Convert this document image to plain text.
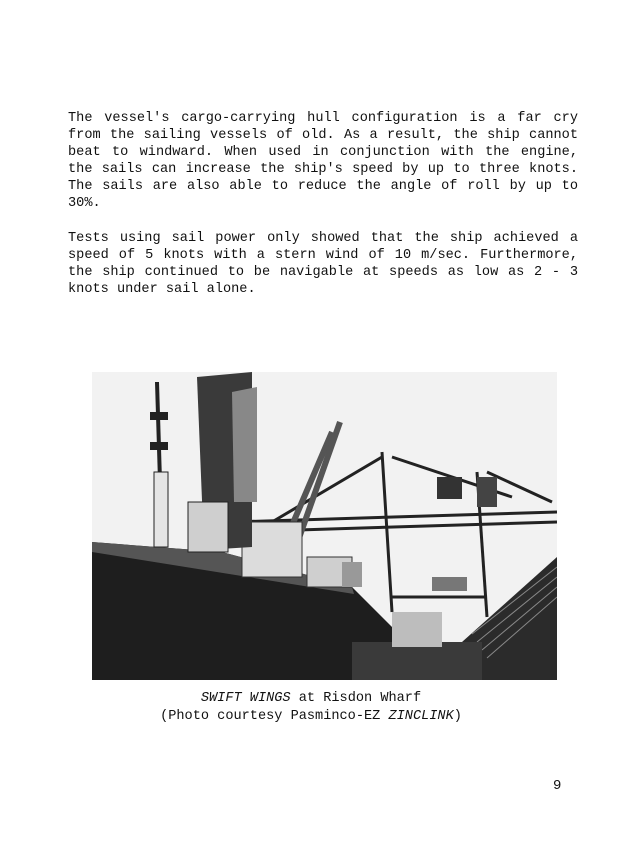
The vessel's cargo-carrying hull configuration is a far cry from the sailing vessels of old. As a result, the ship cannot beat to windward. When used in conjunction with the engine, the sails can increase the ship's speed by up to three knots. The sails are also able to reduce the angle of roll by up to 30%.

Tests using sail power only showed that the ship achieved a speed of 5 knots with a stern wind of 10 m/sec. Furthermore, the ship continued to be navigable at speeds as low as 2 - 3 knots under sail alone.

SWIFT WINGS at Risdon Wharf
(Photo courtesy Pasminco-EZ ZINCLINK)
9
